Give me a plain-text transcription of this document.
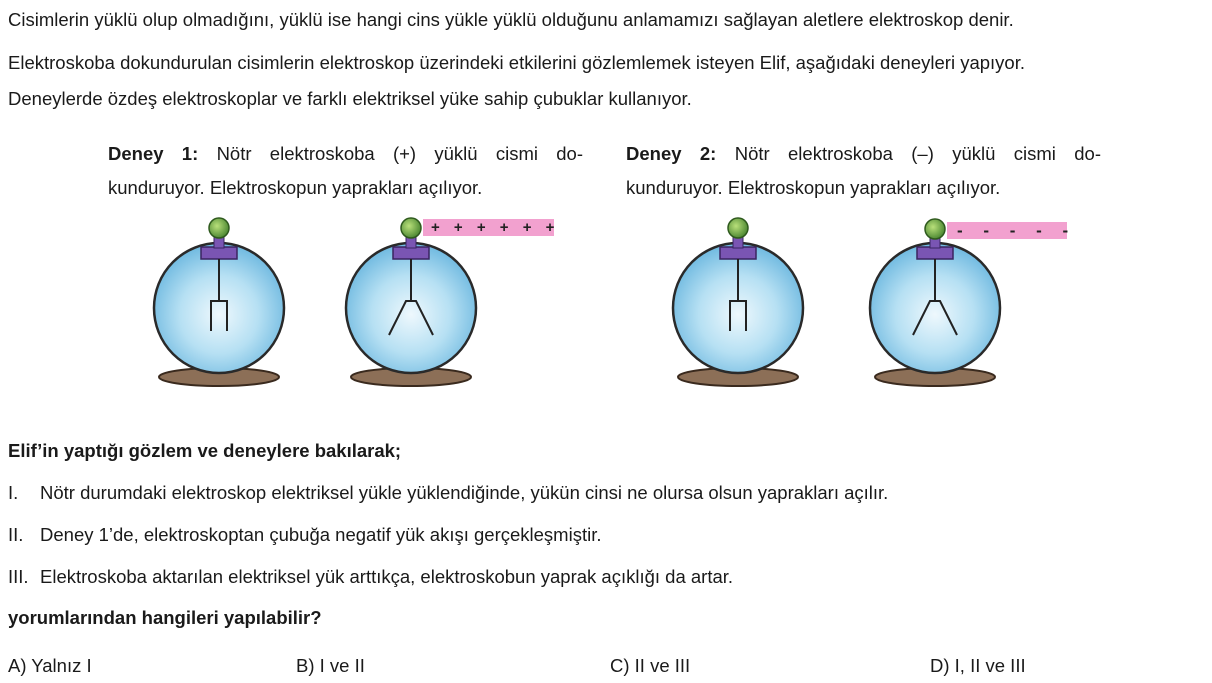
Cisimlerin yüklü olup olmadığını, yüklü ise hangi cins yükle yüklü olduğunu anlamamızı sağlayan aletlere elektroskop denir.
Elektroskoba dokundurulan cisimlerin elektroskop üzerindeki etkilerini gözlemlemek isteyen Elif, aşağıdaki deneyleri yapıyor.
Deneylerde özdeş elektroskoplar ve farklı elektriksel yüke sahip çubuklar kullanıyor.
Deney 1: Nötr elektroskoba (+) yüklü cismi do-
kunduruyor. Elektroskopun yaprakları açılıyor.
Deney 2: Nötr elektroskoba (–) yüklü cismi do-
kunduruyor. Elektroskopun yaprakları açılıyor.
+ + + + + +	- - - - -
Elif’in yaptığı gözlem ve deneylere bakılarak;
I. Nötr durumdaki elektroskop elektriksel yükle yüklendiğinde, yükün cinsi ne olursa olsun yaprakları açılır.
II. Deney 1’de, elektroskoptan çubuğa negatif yük akışı gerçekleşmiştir.
III. Elektroskoba aktarılan elektriksel yük arttıkça, elektroskobun yaprak açıklığı da artar.
yorumlarından hangileri yapılabilir?
A) Yalnız I	B) I ve II	C) II ve III	D) I, II ve III
